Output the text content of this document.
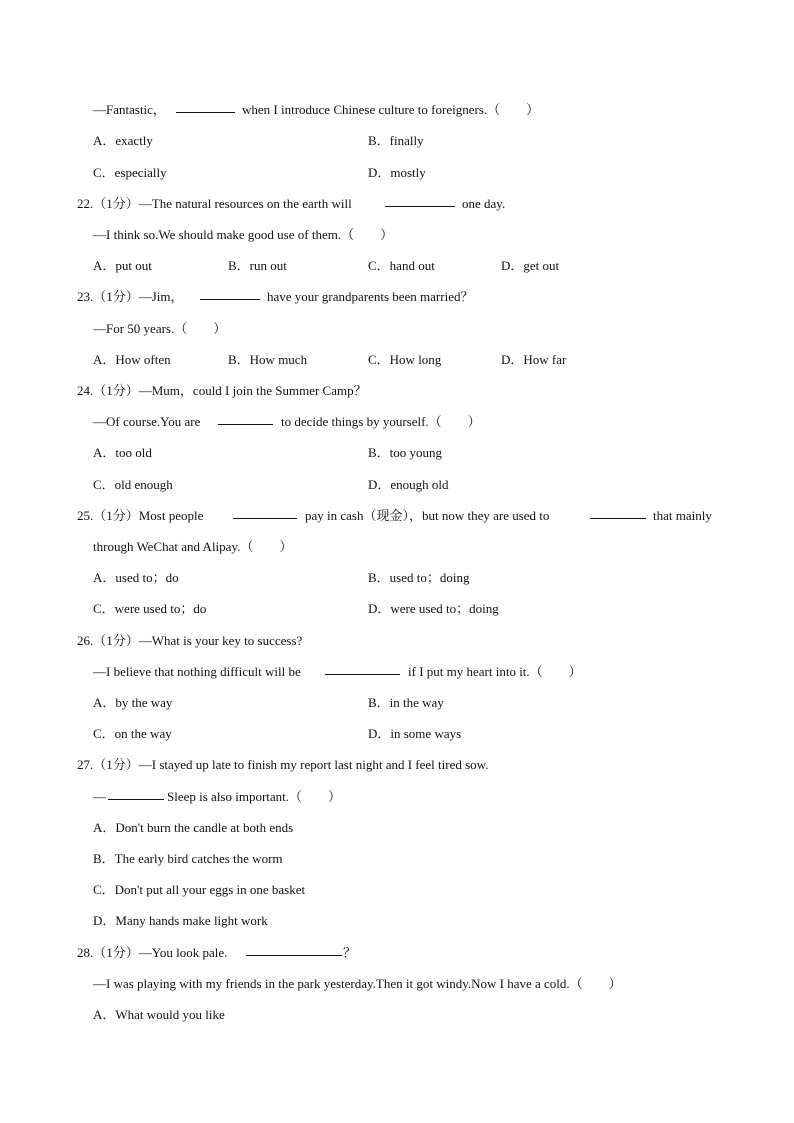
—Fantastic，	when I introduce Chinese culture to foreigners.（　　）
A．exactly	B．finally
C．especially	D．mostly
22.（1分）—The natural resources on the earth will	one day.
—I think so.We should make good use of them.（　　）
A．put out	B．run out	C．hand out	D．get out
23.（1分）—Jim，	have your grandparents been married？
—For 50 years.（　　）
A．How often	B．How much	C．How long	D．How far
24.（1分）—Mum，could I join the Summer Camp？
—Of course.You are	to decide things by yourself.（　　）
A．too old	B．too young
C．old enough	D．enough old
25.（1分）Most people	pay in cash（现金），but now they are used to	that mainly
through WeChat and Alipay.（　　）
A．used to；do	B．used to；doing
C．were used to；do	D．were used to；doing
26.（1分）—What is your key to success?
—I believe that nothing difficult will be	if I put my heart into it.（　　）
A．by the way	B．in the way
C．on the way	D．in some ways
27.（1分）—I stayed up late to finish my report last night and I feel tired sow.
—	Sleep is also important.（　　）
A．Don't burn the candle at both ends
B．The early bird catches the worm
C．Don't put all your eggs in one basket
D．Many hands make light work
28.（1分）—You look pale.	？
—I was playing with my friends in the park yesterday.Then it got windy.Now I have a cold.（　　）
A．What would you like
